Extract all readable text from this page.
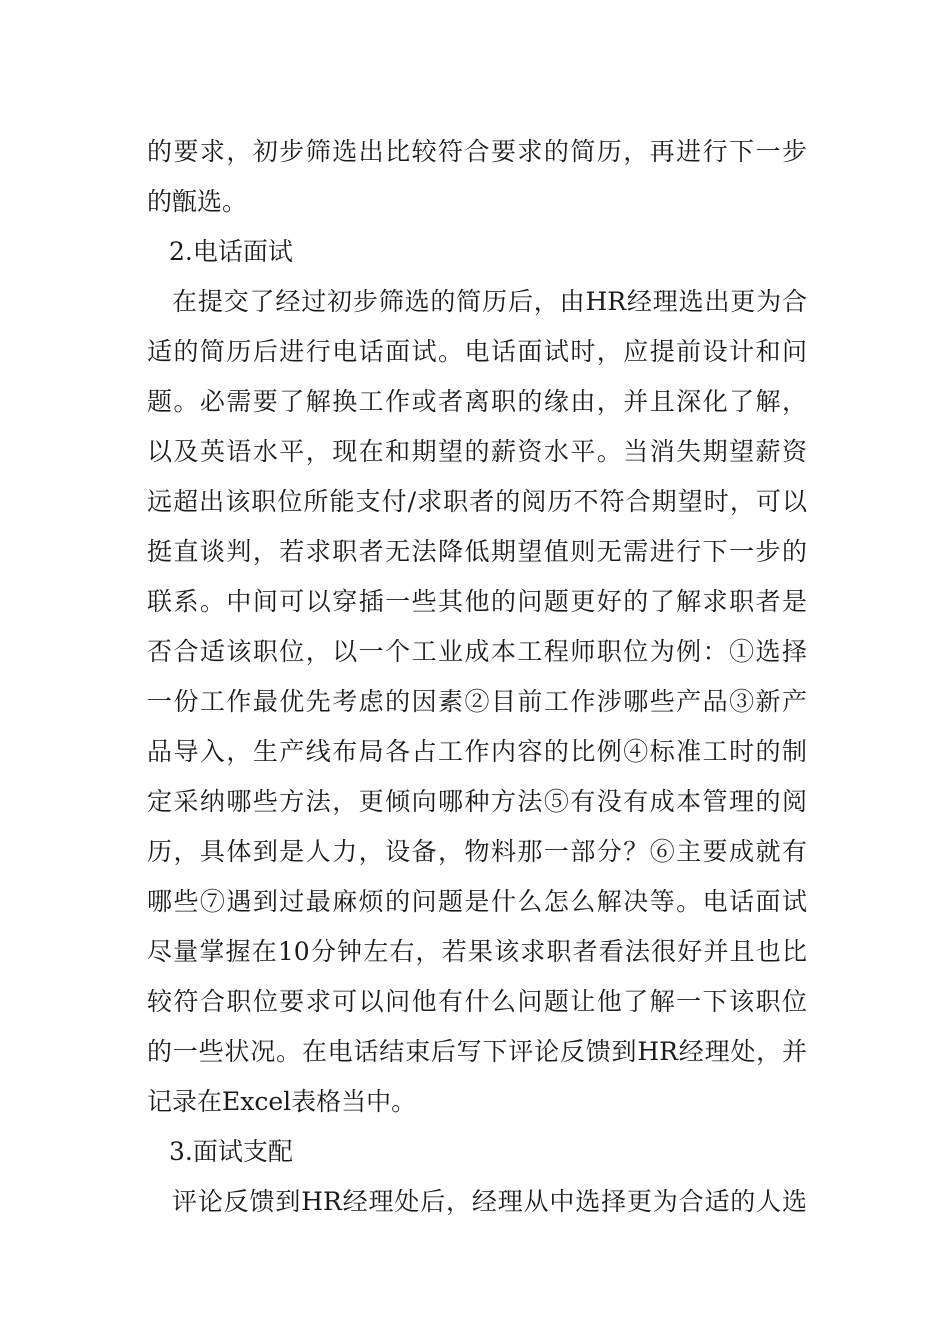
的要求，初步筛选出比较符合要求的简历，再进行下一步
的甑选。
2.电话面试
在提交了经过初步筛选的简历后，由HR经理选出更为合
适的简历后进行电话面试。电话面试时，应提前设计和问
题。必需要了解换工作或者离职的缘由，并且深化了解，
以及英语水平，现在和期望的薪资水平。当消失期望薪资
远超出该职位所能支付/求职者的阅历不符合期望时，可以
挺直谈判，若求职者无法降低期望值则无需进行下一步的
联系。中间可以穿插一些其他的问题更好的了解求职者是
否合适该职位，以一个工业成本工程师职位为例：①选择
一份工作最优先考虑的因素②目前工作涉哪些产品③新产
品导入，生产线布局各占工作内容的比例④标准工时的制
定采纳哪些方法，更倾向哪种方法⑤有没有成本管理的阅
历，具体到是人力，设备，物料那一部分？⑥主要成就有
哪些⑦遇到过最麻烦的问题是什么怎么解决等。电话面试
尽量掌握在10分钟左右，若果该求职者看法很好并且也比
较符合职位要求可以问他有什么问题让他了解一下该职位
的一些状况。在电话结束后写下评论反馈到HR经理处，并
记录在Excel表格当中。
3.面试支配
评论反馈到HR经理处后，经理从中选择更为合适的人选
